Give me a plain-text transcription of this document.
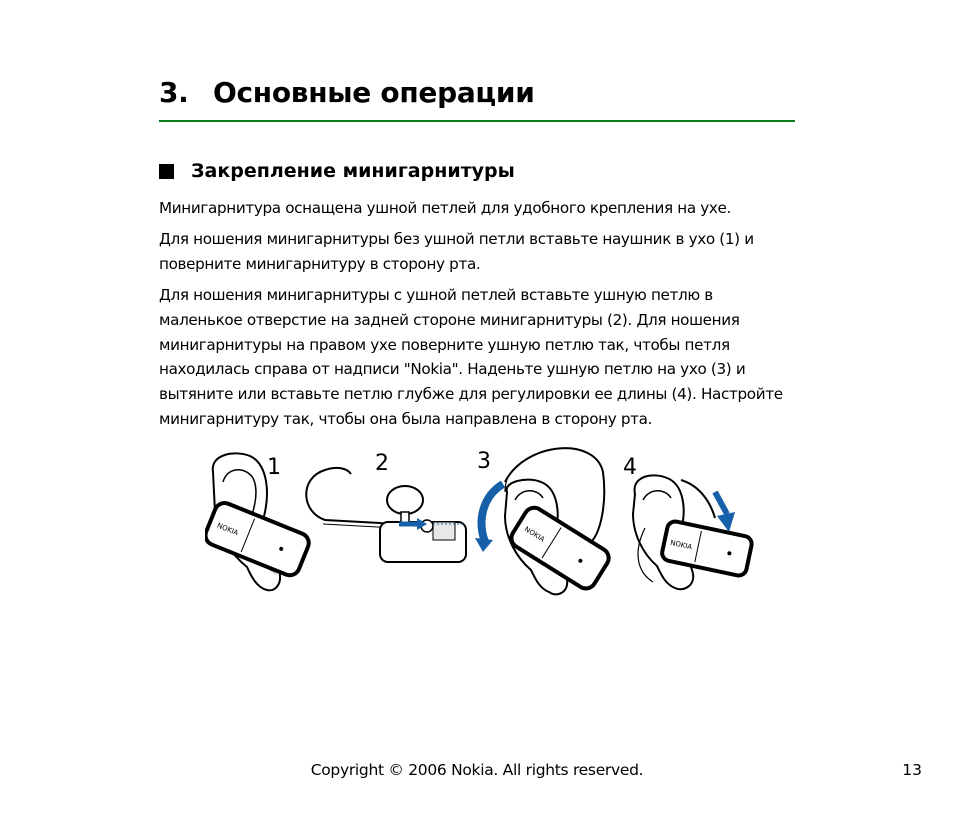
3. Основные операции
Закрепление минигарнитуры

Минигарнитура оснащена ушной петлей для удобного крепления на ухе.

Для ношения минигарнитуры без ушной петли вставьте наушник в ухо (1) и поверните минигарнитуру в сторону рта.

Для ношения минигарнитуры с ушной петлей вставьте ушную петлю в маленькое отверстие на задней стороне минигарнитуры (2). Для ношения минигарнитуры на правом ухе поверните ушную петлю так, чтобы петля находилась справа от надписи "Nokia". Наденьте ушную петлю на ухо (3) и вытяните или вставьте петлю глубже для регулировки ее длины (4). Настройте минигарнитуру так, чтобы она была направлена в сторону рта.

NOKIA
1	2
NOKIA
3
NOKIA
4
Copyright © 2006 Nokia. All rights reserved.	13
